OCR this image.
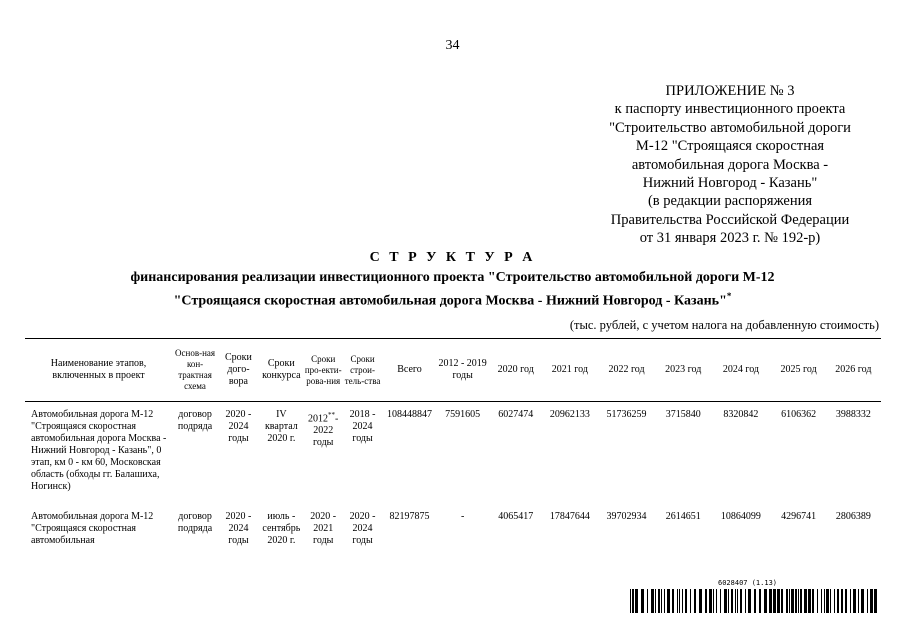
34
ПРИЛОЖЕНИЕ № 3
к паспорту инвестиционного проекта
"Строительство автомобильной дороги
М-12 "Строящаяся скоростная
автомобильная дорога Москва -
Нижний Новгород - Казань"
(в редакции распоряжения
Правительства Российской Федерации
от 31 января 2023 г. № 192-р)
С Т Р У К Т У Р А
финансирования реализации инвестиционного проекта "Строительство автомобильной дороги М-12
"Строящаяся скоростная автомобильная дорога Москва - Нижний Новгород - Казань"*
(тыс. рублей, с учетом налога на добавленную стоимость)
Наименование этапов, включенных в проект	Основ-ная кон-трактная схема	Сроки дого-вора	Сроки конкурса	Сроки про-екти-рова-ния	Сроки строи-тель-ства	Всего	2012 - 2019 годы	2020 год	2021 год	2022 год	2023 год	2024 год	2025 год	2026 год

Автомобильная дорога М-12 "Строящаяся скоростная автомобильная дорога Москва - Нижний Новгород - Казань", 0 этап, км 0 - км 60, Московская область (обходы гг. Балашиха, Ногинск)	договор подряда	2020 - 2024 годы	IV квартал 2020 г.	2012**- 2022 годы	2018 - 2024 годы	108448847	7591605	6027474	20962133	51736259	3715840	8320842	6106362	3988332
Автомобильная дорога М-12 "Строящаяся скоростная автомобильная	договор подряда	2020 - 2024 годы	июль - сентябрь 2020 г.	2020 - 2021 годы	2020 - 2024 годы	82197875	-	4065417	17847644	39702934	2614651	10864099	4296741	2806389
6028407 (1.13)
